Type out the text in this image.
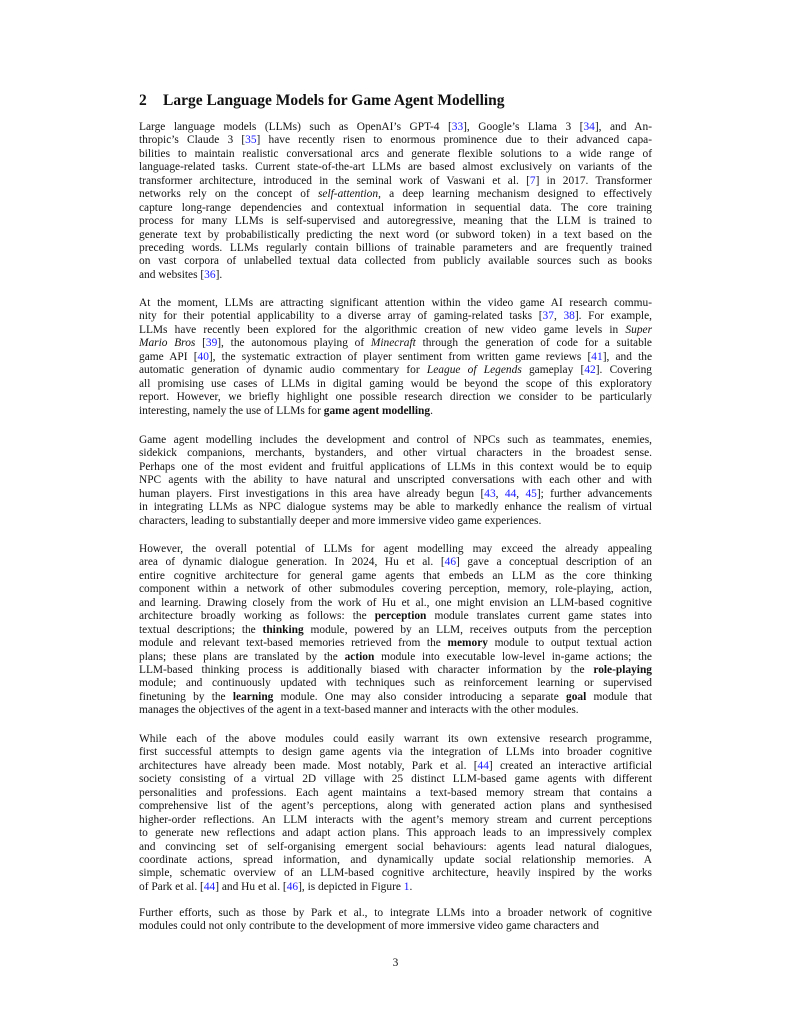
2 Large Language Models for Game Agent Modelling
Large language models (LLMs) such as OpenAI’s GPT-4 [33], Google’s Llama 3 [34], and An-
thropic’s Claude 3 [35] have recently risen to enormous prominence due to their advanced capa-
bilities to maintain realistic conversational arcs and generate flexible solutions to a wide range of
language-related tasks. Current state-of-the-art LLMs are based almost exclusively on variants of the
transformer architecture, introduced in the seminal work of Vaswani et al. [7] in 2017. Transformer
networks rely on the concept of self-attention, a deep learning mechanism designed to effectively
capture long-range dependencies and contextual information in sequential data. The core training
process for many LLMs is self-supervised and autoregressive, meaning that the LLM is trained to
generate text by probabilistically predicting the next word (or subword token) in a text based on the
preceding words. LLMs regularly contain billions of trainable parameters and are frequently trained
on vast corpora of unlabelled textual data collected from publicly available sources such as books
and websites [36].
At the moment, LLMs are attracting significant attention within the video game AI research commu-
nity for their potential applicability to a diverse array of gaming-related tasks [37, 38]. For example,
LLMs have recently been explored for the algorithmic creation of new video game levels in Super
Mario Bros [39], the autonomous playing of Minecraft through the generation of code for a suitable
game API [40], the systematic extraction of player sentiment from written game reviews [41], and the
automatic generation of dynamic audio commentary for League of Legends gameplay [42]. Covering
all promising use cases of LLMs in digital gaming would be beyond the scope of this exploratory
report. However, we briefly highlight one possible research direction we consider to be particularly
interesting, namely the use of LLMs for game agent modelling.
Game agent modelling includes the development and control of NPCs such as teammates, enemies,
sidekick companions, merchants, bystanders, and other virtual characters in the broadest sense.
Perhaps one of the most evident and fruitful applications of LLMs in this context would be to equip
NPC agents with the ability to have natural and unscripted conversations with each other and with
human players. First investigations in this area have already begun [43, 44, 45]; further advancements
in integrating LLMs as NPC dialogue systems may be able to markedly enhance the realism of virtual
characters, leading to substantially deeper and more immersive video game experiences.
However, the overall potential of LLMs for agent modelling may exceed the already appealing
area of dynamic dialogue generation. In 2024, Hu et al. [46] gave a conceptual description of an
entire cognitive architecture for general game agents that embeds an LLM as the core thinking
component within a network of other submodules covering perception, memory, role-playing, action,
and learning. Drawing closely from the work of Hu et al., one might envision an LLM-based cognitive
architecture broadly working as follows: the perception module translates current game states into
textual descriptions; the thinking module, powered by an LLM, receives outputs from the perception
module and relevant text-based memories retrieved from the memory module to output textual action
plans; these plans are translated by the action module into executable low-level in-game actions; the
LLM-based thinking process is additionally biased with character information by the role-playing
module; and continuously updated with techniques such as reinforcement learning or supervised
finetuning by the learning module. One may also consider introducing a separate goal module that
manages the objectives of the agent in a text-based manner and interacts with the other modules.
While each of the above modules could easily warrant its own extensive research programme,
first successful attempts to design game agents via the integration of LLMs into broader cognitive
architectures have already been made. Most notably, Park et al. [44] created an interactive artificial
society consisting of a virtual 2D village with 25 distinct LLM-based game agents with different
personalities and professions. Each agent maintains a text-based memory stream that contains a
comprehensive list of the agent’s perceptions, along with generated action plans and synthesised
higher-order reflections. An LLM interacts with the agent’s memory stream and current perceptions
to generate new reflections and adapt action plans. This approach leads to an impressively complex
and convincing set of self-organising emergent social behaviours: agents lead natural dialogues,
coordinate actions, spread information, and dynamically update social relationship memories. A
simple, schematic overview of an LLM-based cognitive architecture, heavily inspired by the works
of Park et al. [44] and Hu et al. [46], is depicted in Figure 1.
Further efforts, such as those by Park et al., to integrate LLMs into a broader network of cognitive
modules could not only contribute to the development of more immersive video game characters and
3
